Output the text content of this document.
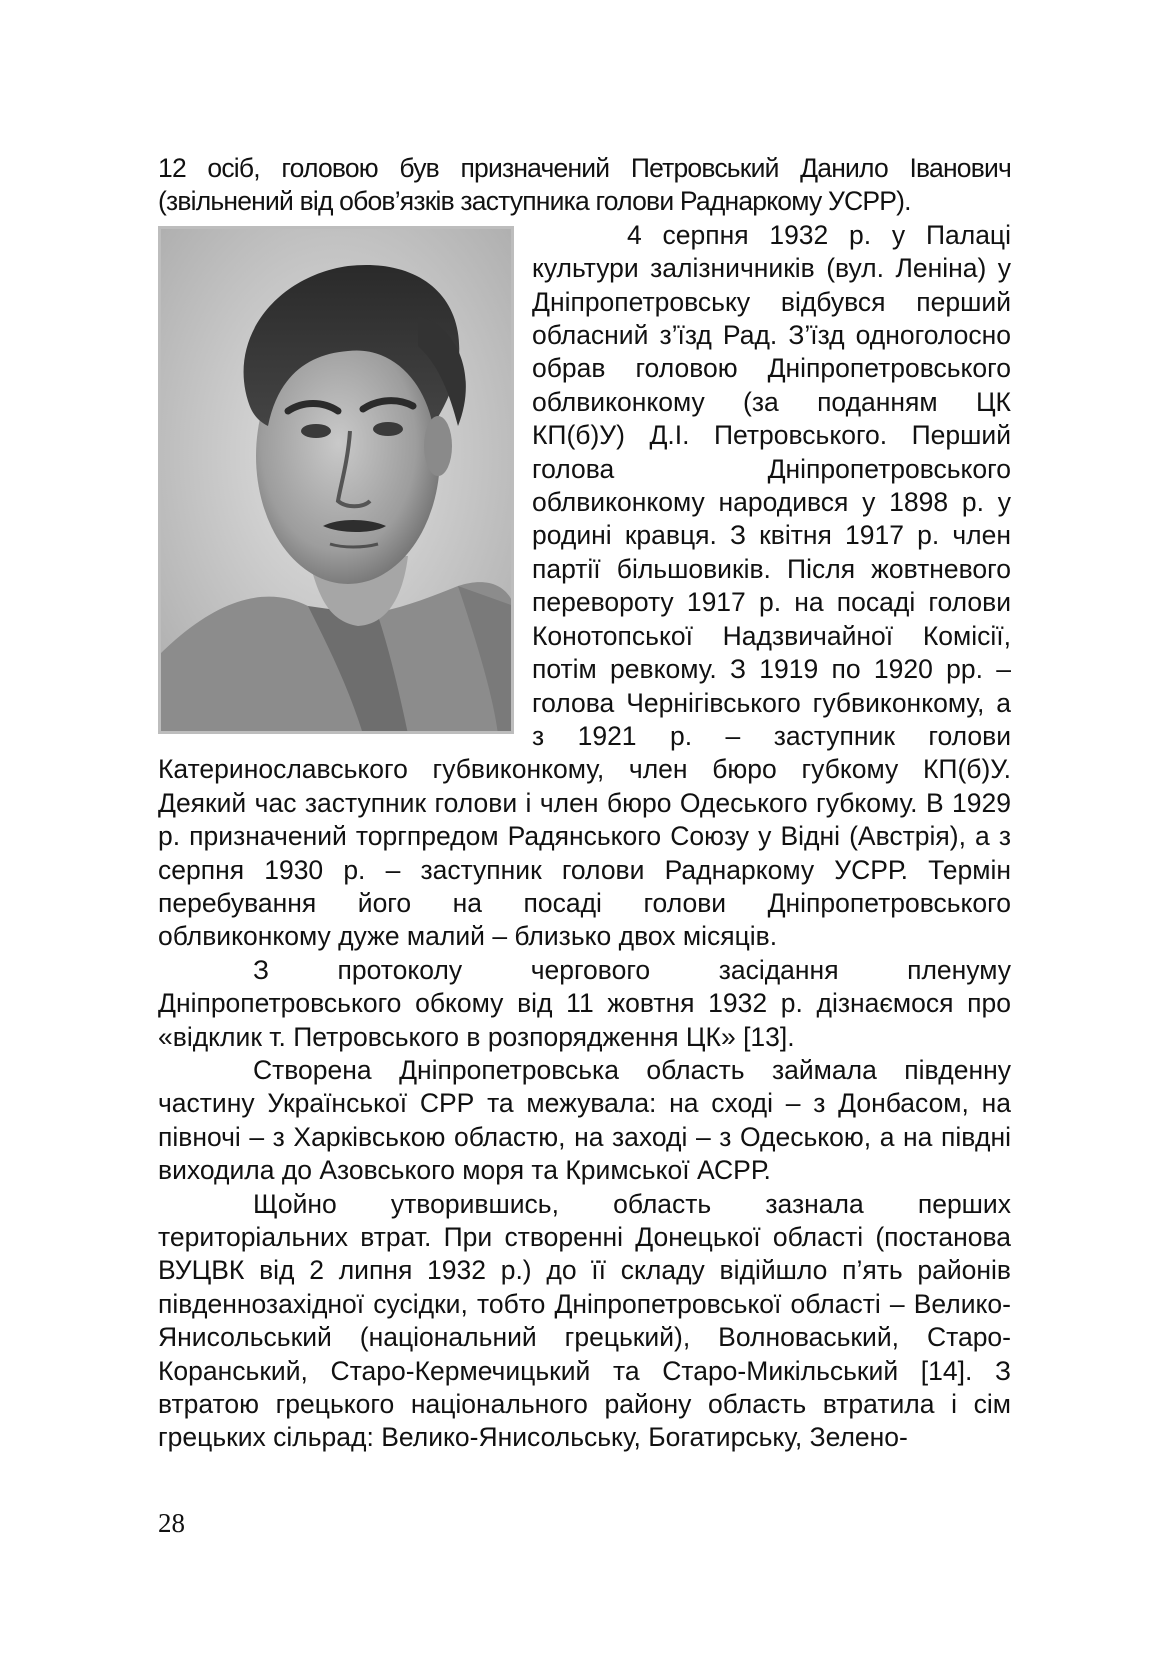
12 осіб, головою був призначений Петровський Данило Іванович (звільнений від обов’язків заступника голови Раднаркому УСРР).

4 серпня 1932 р. у Палаці культури залізничників (вул. Леніна) у Дніпропетровську відбувся перший обласний з’їзд Рад. З’їзд одноголосно обрав головою Дніпропетровського облвиконкому (за поданням ЦК КП(б)У) Д.І. Петровського. Перший голова Дніпропетровського облвиконкому народився у 1898 р. у родині кравця. З квітня 1917 р. член партії більшовиків. Після жовтневого перевороту 1917 р. на посаді голови Конотопської Надзвичайної Комісії, потім ревкому. З 1919 по 1920 рр. – голова Чернігівського губвиконкому, а з 1921 р. – заступник голови Катеринославського губвиконкому, член бюро губкому КП(б)У. Деякий час заступник голови і член бюро Одеського губкому. В 1929 р. призначений торгпредом Радянського Союзу у Відні (Австрія), а з серпня 1930 р. – заступник голови Раднаркому УСРР. Термін перебування його на посаді голови Дніпропетровського облвиконкому дуже малий – близько двох місяців.

З протоколу чергового засідання пленуму Дніпропетровського обкому від 11 жовтня 1932 р. дізнаємося про «відклик т. Петровського в розпорядження ЦК» [13].

Створена Дніпропетровська область займала південну частину Української СРР та межувала: на сході – з Донбасом, на півночі – з Харківською областю, на заході – з Одеською, а на півдні виходила до Азовського моря та Кримської АСРР.

Щойно утворившись, область зазнала перших територіальних втрат. При створенні Донецької області (постанова ВУЦВК від 2 липня 1932 р.) до її складу відійшло п’ять районів південнозахідної сусідки, тобто Дніпропетровської області – Велико-Янисольський (національний грецький), Волноваський, Старо-Коранський, Старо-Кермечицький та Старо-Микільський [14]. З втратою грецького національного району область втратила і сім грецьких сільрад: Велико-Янисольську, Богатирську, Зелено-

28
